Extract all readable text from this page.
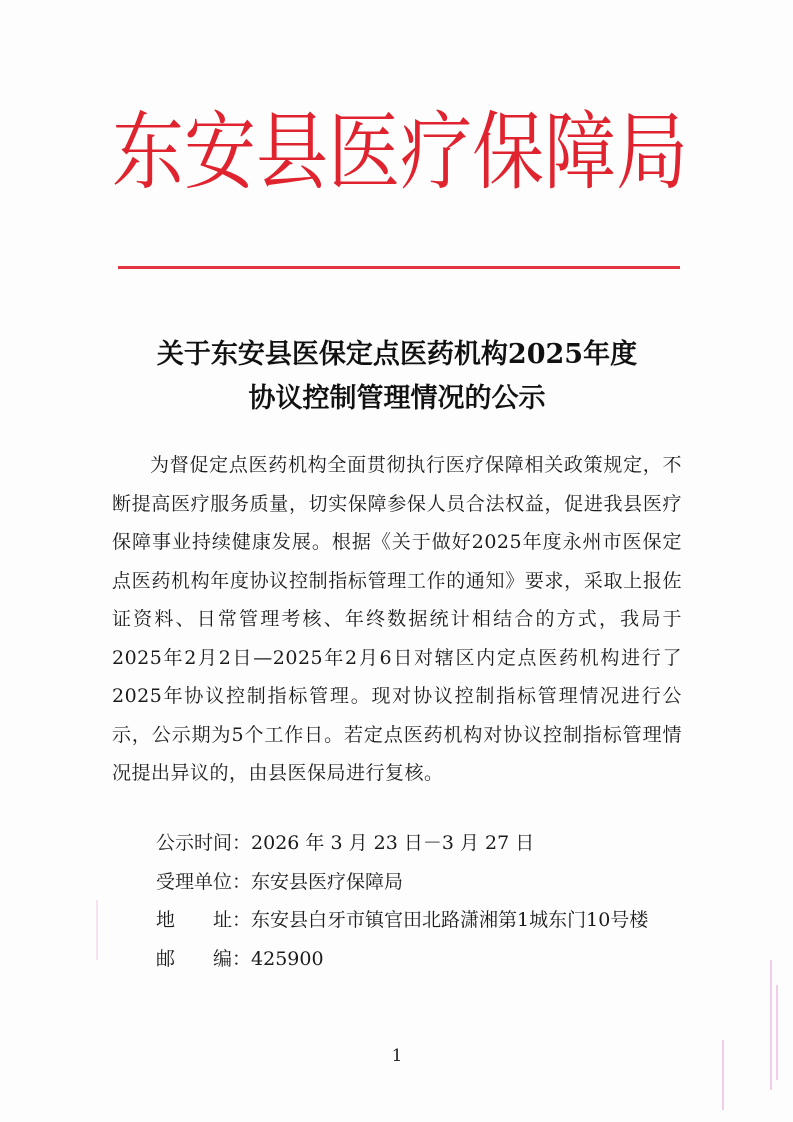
东 安 县 医 疗 保 障 局
关于东安县医保定点医药机构2025年度
协议控制管理情况的公示
为督促定点医药机构全面贯彻执行医疗保障相关政策规定，不断提高医疗服务质量，切实保障参保人员合法权益，促进我县医疗保障事业持续健康发展。根据《关于做好2025年度永州市医保定点医药机构年度协议控制指标管理工作的通知》要求，采取上报佐证资料、日常管理考核、年终数据统计相结合的方式，我局于2025年2月2日—2025年2月6日对辖区内定点医药机构进行了2025年协议控制指标管理。现对协议控制指标管理情况进行公示，公示期为5个工作日。若定点医药机构对协议控制指标管理情况提出异议的，由县医保局进行复核。
公示时间：2026 年 3 月 23 日－3 月 27 日
受理单位：东安县医疗保障局
地　　址：东安县白牙市镇官田北路潇湘第1城东门10号楼
邮　　编：425900
1
